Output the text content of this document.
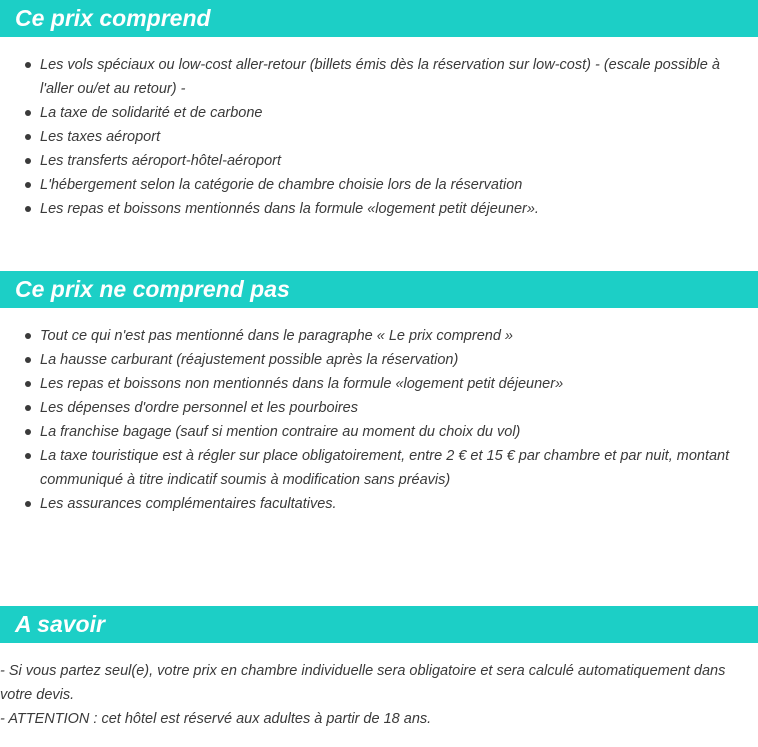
Ce prix comprend
Les vols spéciaux ou low-cost aller-retour (billets émis dès la réservation sur low-cost) - (escale possible à l'aller ou/et au retour) -
La taxe de solidarité et de carbone
Les taxes aéroport
Les transferts aéroport-hôtel-aéroport
L'hébergement selon la catégorie de chambre choisie lors de la réservation
Les repas et boissons mentionnés dans la formule «logement petit déjeuner».
Ce prix ne comprend pas
Tout ce qui n'est pas mentionné dans le paragraphe « Le prix comprend »
La hausse carburant (réajustement possible après la réservation)
Les repas et boissons non mentionnés dans la formule «logement petit déjeuner»
Les dépenses d'ordre personnel et les pourboires
La franchise bagage (sauf si mention contraire au moment du choix du vol)
La taxe touristique est à régler sur place obligatoirement, entre 2 € et 15 € par chambre et par nuit, montant communiqué à titre indicatif soumis à modification sans préavis)
Les assurances complémentaires facultatives.
A savoir

- Si vous partez seul(e), votre prix en chambre individuelle sera obligatoire et sera calculé automatiquement dans votre devis.

- ATTENTION : cet hôtel est réservé aux adultes à partir de 18 ans.
